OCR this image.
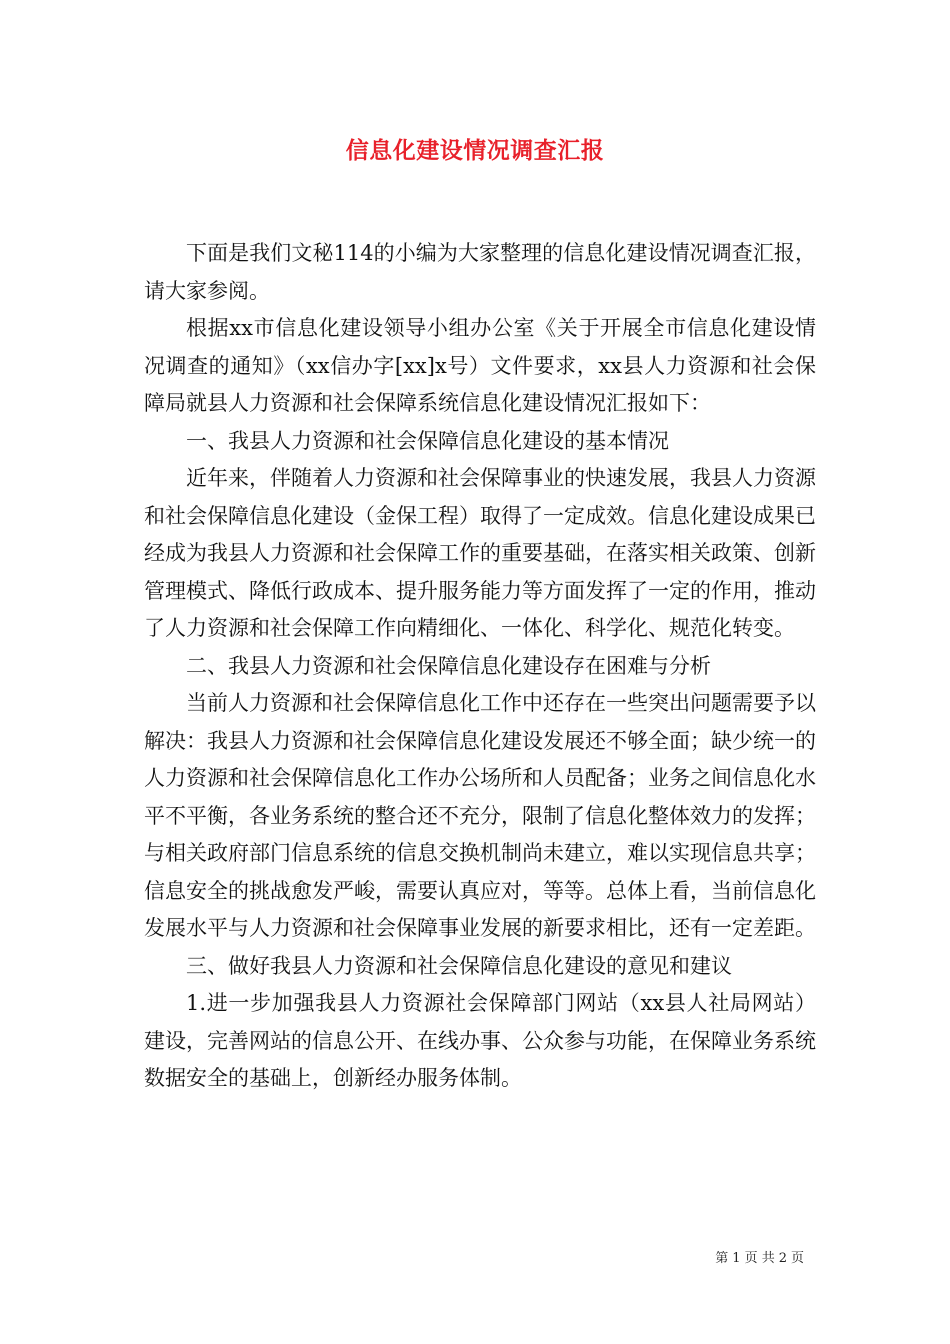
信息化建设情况调查汇报

下面是我们文秘114的小编为大家整理的信息化建设情况调查汇报，请大家参阅。

根据xx市信息化建设领导小组办公室《关于开展全市信息化建设情况调查的通知》（xx信办字[xx]x号）文件要求，xx县人力资源和社会保障局就县人力资源和社会保障系统信息化建设情况汇报如下：

一、我县人力资源和社会保障信息化建设的基本情况

近年来，伴随着人力资源和社会保障事业的快速发展，我县人力资源和社会保障信息化建设（金保工程）取得了一定成效。信息化建设成果已经成为我县人力资源和社会保障工作的重要基础，在落实相关政策、创新管理模式、降低行政成本、提升服务能力等方面发挥了一定的作用，推动了人力资源和社会保障工作向精细化、一体化、科学化、规范化转变。

二、我县人力资源和社会保障信息化建设存在困难与分析

当前人力资源和社会保障信息化工作中还存在一些突出问题需要予以解决：我县人力资源和社会保障信息化建设发展还不够全面；缺少统一的人力资源和社会保障信息化工作办公场所和人员配备；业务之间信息化水平不平衡，各业务系统的整合还不充分，限制了信息化整体效力的发挥；与相关政府部门信息系统的信息交换机制尚未建立，难以实现信息共享；信息安全的挑战愈发严峻，需要认真应对，等等。总体上看，当前信息化发展水平与人力资源和社会保障事业发展的新要求相比，还有一定差距。

三、做好我县人力资源和社会保障信息化建设的意见和建议

1.进一步加强我县人力资源社会保障部门网站（xx县人社局网站）建设，完善网站的信息公开、在线办事、公众参与功能，在保障业务系统数据安全的基础上，创新经办服务体制。

第 1 页 共 2 页
